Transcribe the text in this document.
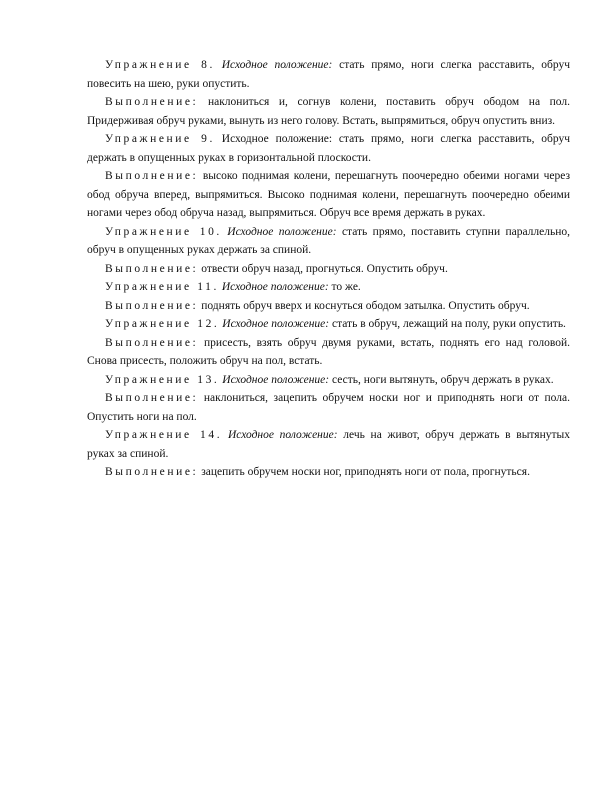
Упражнение 8. Исходное положение: стать прямо, ноги слегка расставить, обруч повесить на шею, руки опустить.

Выполнение: наклониться и, согнув колени, поставить обруч ободом на пол. Придерживая обруч руками, вынуть из него голову. Встать, выпрямиться, обруч опустить вниз.

Упражнение 9. Исходное положение: стать прямо, ноги слегка расставить, обруч держать в опущенных руках в горизонтальной плоскости.

Выполнение: высоко поднимая колени, перешагнуть поочередно обеими ногами через обод обруча вперед, выпрямиться. Высоко поднимая колени, перешагнуть поочередно обеими ногами через обод обруча назад, выпрямиться. Обруч все время держать в руках.

Упражнение 10. Исходное положение: стать прямо, поставить ступни параллельно, обруч в опущенных руках держать за спиной.

Выполнение: отвести обруч назад, прогнуться. Опустить обруч.

Упражнение 11. Исходное положение: то же.

Выполнение: поднять обруч вверх и коснуться ободом затылка. Опустить обруч.

Упражнение 12. Исходное положение: стать в обруч, лежащий на полу, руки опустить.

Выполнение: присесть, взять обруч двумя руками, встать, поднять его над головой. Снова присесть, положить обруч на пол, встать.

Упражнение 13. Исходное положение: сесть, ноги вытянуть, обруч держать в руках.

Выполнение: наклониться, зацепить обручем носки ног и приподнять ноги от пола. Опустить ноги на пол.

Упражнение 14. Исходное положение: лечь на живот, обруч держать в вытянутых руках за спиной.

Выполнение: зацепить обручем носки ног, приподнять ноги от пола, прогнуться.
